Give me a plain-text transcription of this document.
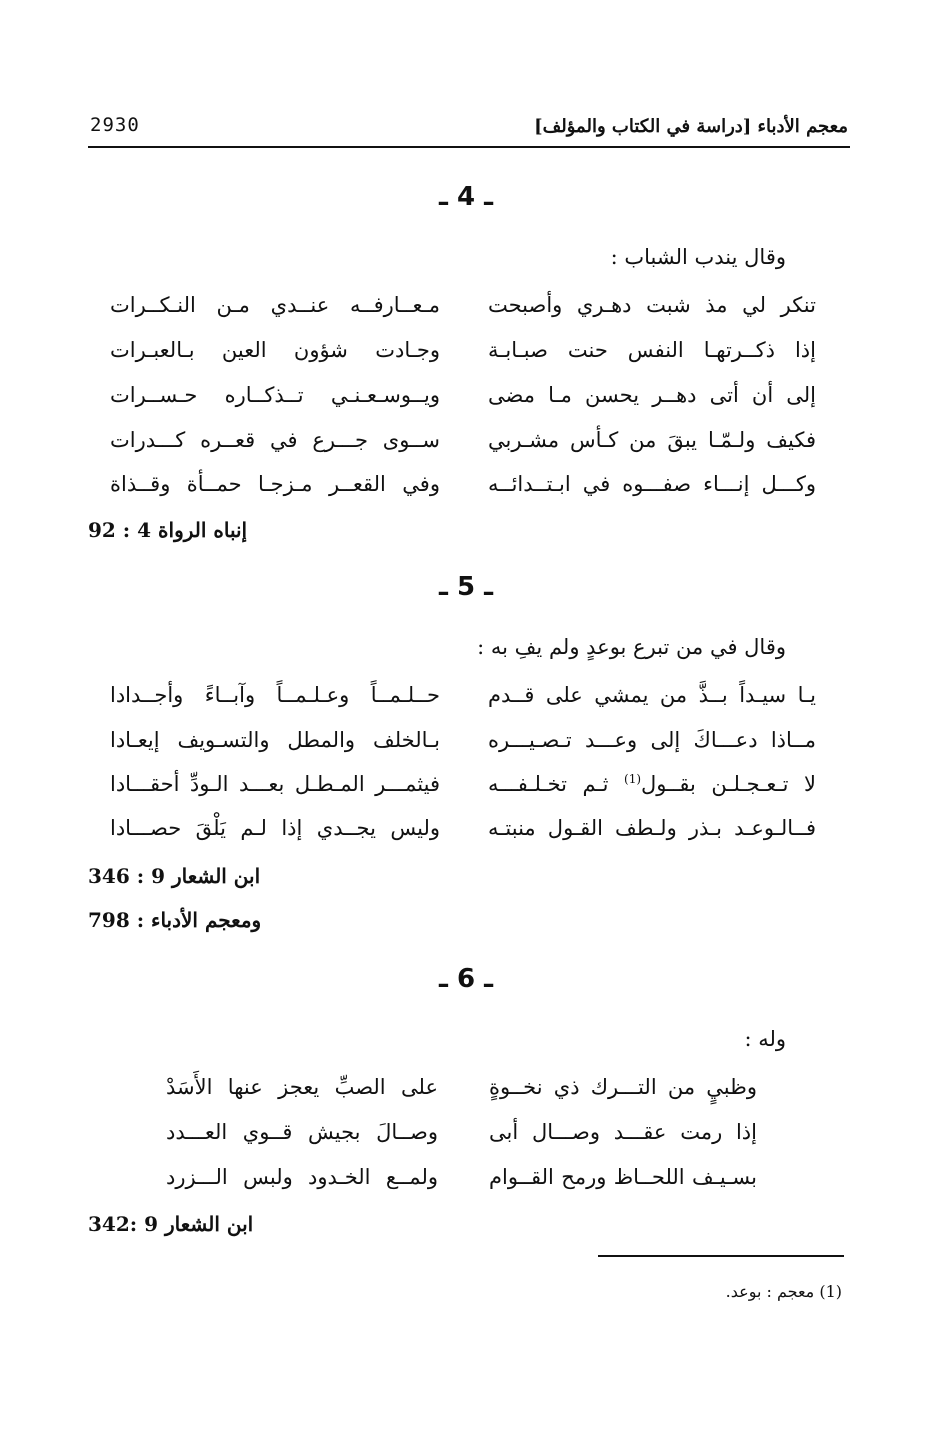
معجم الأدباء [دراسة في الكتاب والمؤلف]
2930
ـ 4 ـ
وقال يندب الشباب :
تنكر لي مذ شبت دهـري وأصبحت
مـعــارفــه عنــدي مـن النـكــرات
إذا ذكــرتهـا النفس حنت صبـابـة
وجـادت شؤون العين بـالعبـرات
إلى أن أتى دهــر يحسن مـا مضى
ويــوسـعـنـي تــذكــاره حـســرات
فكيف ولـمّـا يبقَ من كـأس مشـربي
ســوى جـــرع في قعــره كـــدرات
وكـــل إنـــاء صفـــوه في ابـتــدائــه
وفي القعــر مـزجـا حمــأة وقــذاة
إنباه الرواة 4 : 92
ـ 5 ـ
وقال في من تبرع بوعدٍ ولم يفِ به :
يـا سيـداً بــذَّ من يمشي على قــدم
حــلـمــاً وعـلـمــاً وآبــاءً وأجــدادا
مــاذا دعـــاكَ إلى وعـــد تـصـيـــره
بـالخلف والمطل والتسـويف إيعـادا
لا تـعـجـلـن بقــول$^{(1)}$ ثـم تخـلـفـــه
فيثمـــر المـطـل بعـــد الـودِّ أحقـــادا
فــالـوعـد بـذر ولـطف القـول منبتـه
وليس يجــدي إذا لـم يَلْقَ حصـــادا
ابن الشعار 9 : 346
ومعجم الأدباء : 798
ـ 6 ـ
وله :
وظبيٍ من التـــرك ذي نخــوةٍ
على الصبِّ يعجز عنها الأَسَدْ
إذا رمت عقـــد وصـــال أبى
وصــالَ بجيش قــوي العـــدد
بسـيـف اللحــاظ ورمح القــوام
ولمــع الخـدود ولبس الـــزرد
ابن الشعار 9 :342
(1) معجم : بوعد.
